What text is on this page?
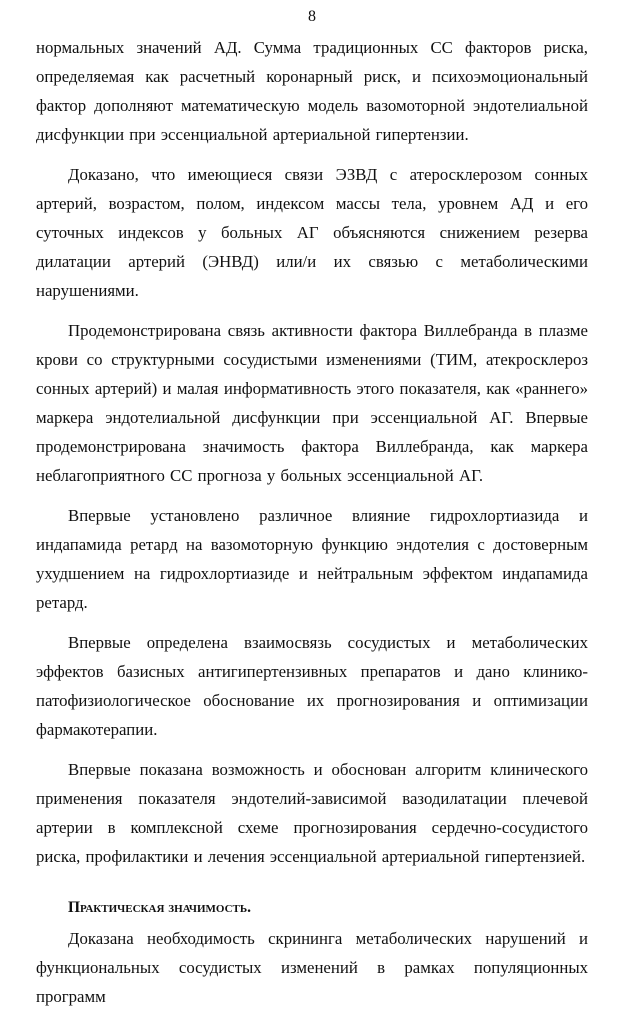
8

нормальных значений АД. Сумма традиционных СС факторов риска, определяемая как расчетный коронарный риск, и психоэмоциональный фактор дополняют математическую модель вазомоторной эндотелиальной дисфункции при эссенциальной артериальной гипертензии.

Доказано, что имеющиеся связи ЭЗВД с атеросклерозом сонных артерий, возрастом, полом, индексом массы тела, уровнем АД и его суточных индексов у больных АГ объясняются снижением резерва дилатации артерий (ЭНВД) или/и их связью с метаболическими нарушениями.

Продемонстрирована связь активности фактора Виллебранда в плазме крови со структурными сосудистыми изменениями (ТИМ, атекросклероз сонных артерий) и малая информативность этого показателя, как «раннего» маркера эндотелиальной дисфункции при эссенциальной АГ. Впервые продемонстрирована значимость фактора Виллебранда, как маркера неблагоприятного СС прогноза у больных эссенциальной АГ.

Впервые установлено различное влияние гидрохлортиазида и индапамида ретард на вазомоторную функцию эндотелия с достоверным ухудшением на гидрохлортиазиде и нейтральным эффектом индапамида ретард.

Впервые определена взаимосвязь сосудистых и метаболических эффектов базисных антигипертензивных препаратов и дано клинико-патофизиологическое обоснование их прогнозирования и оптимизации фармакотерапии.

Впервые показана возможность и обоснован алгоритм клинического применения показателя эндотелий-зависимой вазодилатации плечевой артерии в комплексной схеме прогнозирования сердечно-сосудистого риска, профилактики и лечения эссенциальной артериальной гипертензией.

Практическая значимость.

Доказана необходимость скрининга метаболических нарушений и функциональных сосудистых изменений в рамках популяционных программ
